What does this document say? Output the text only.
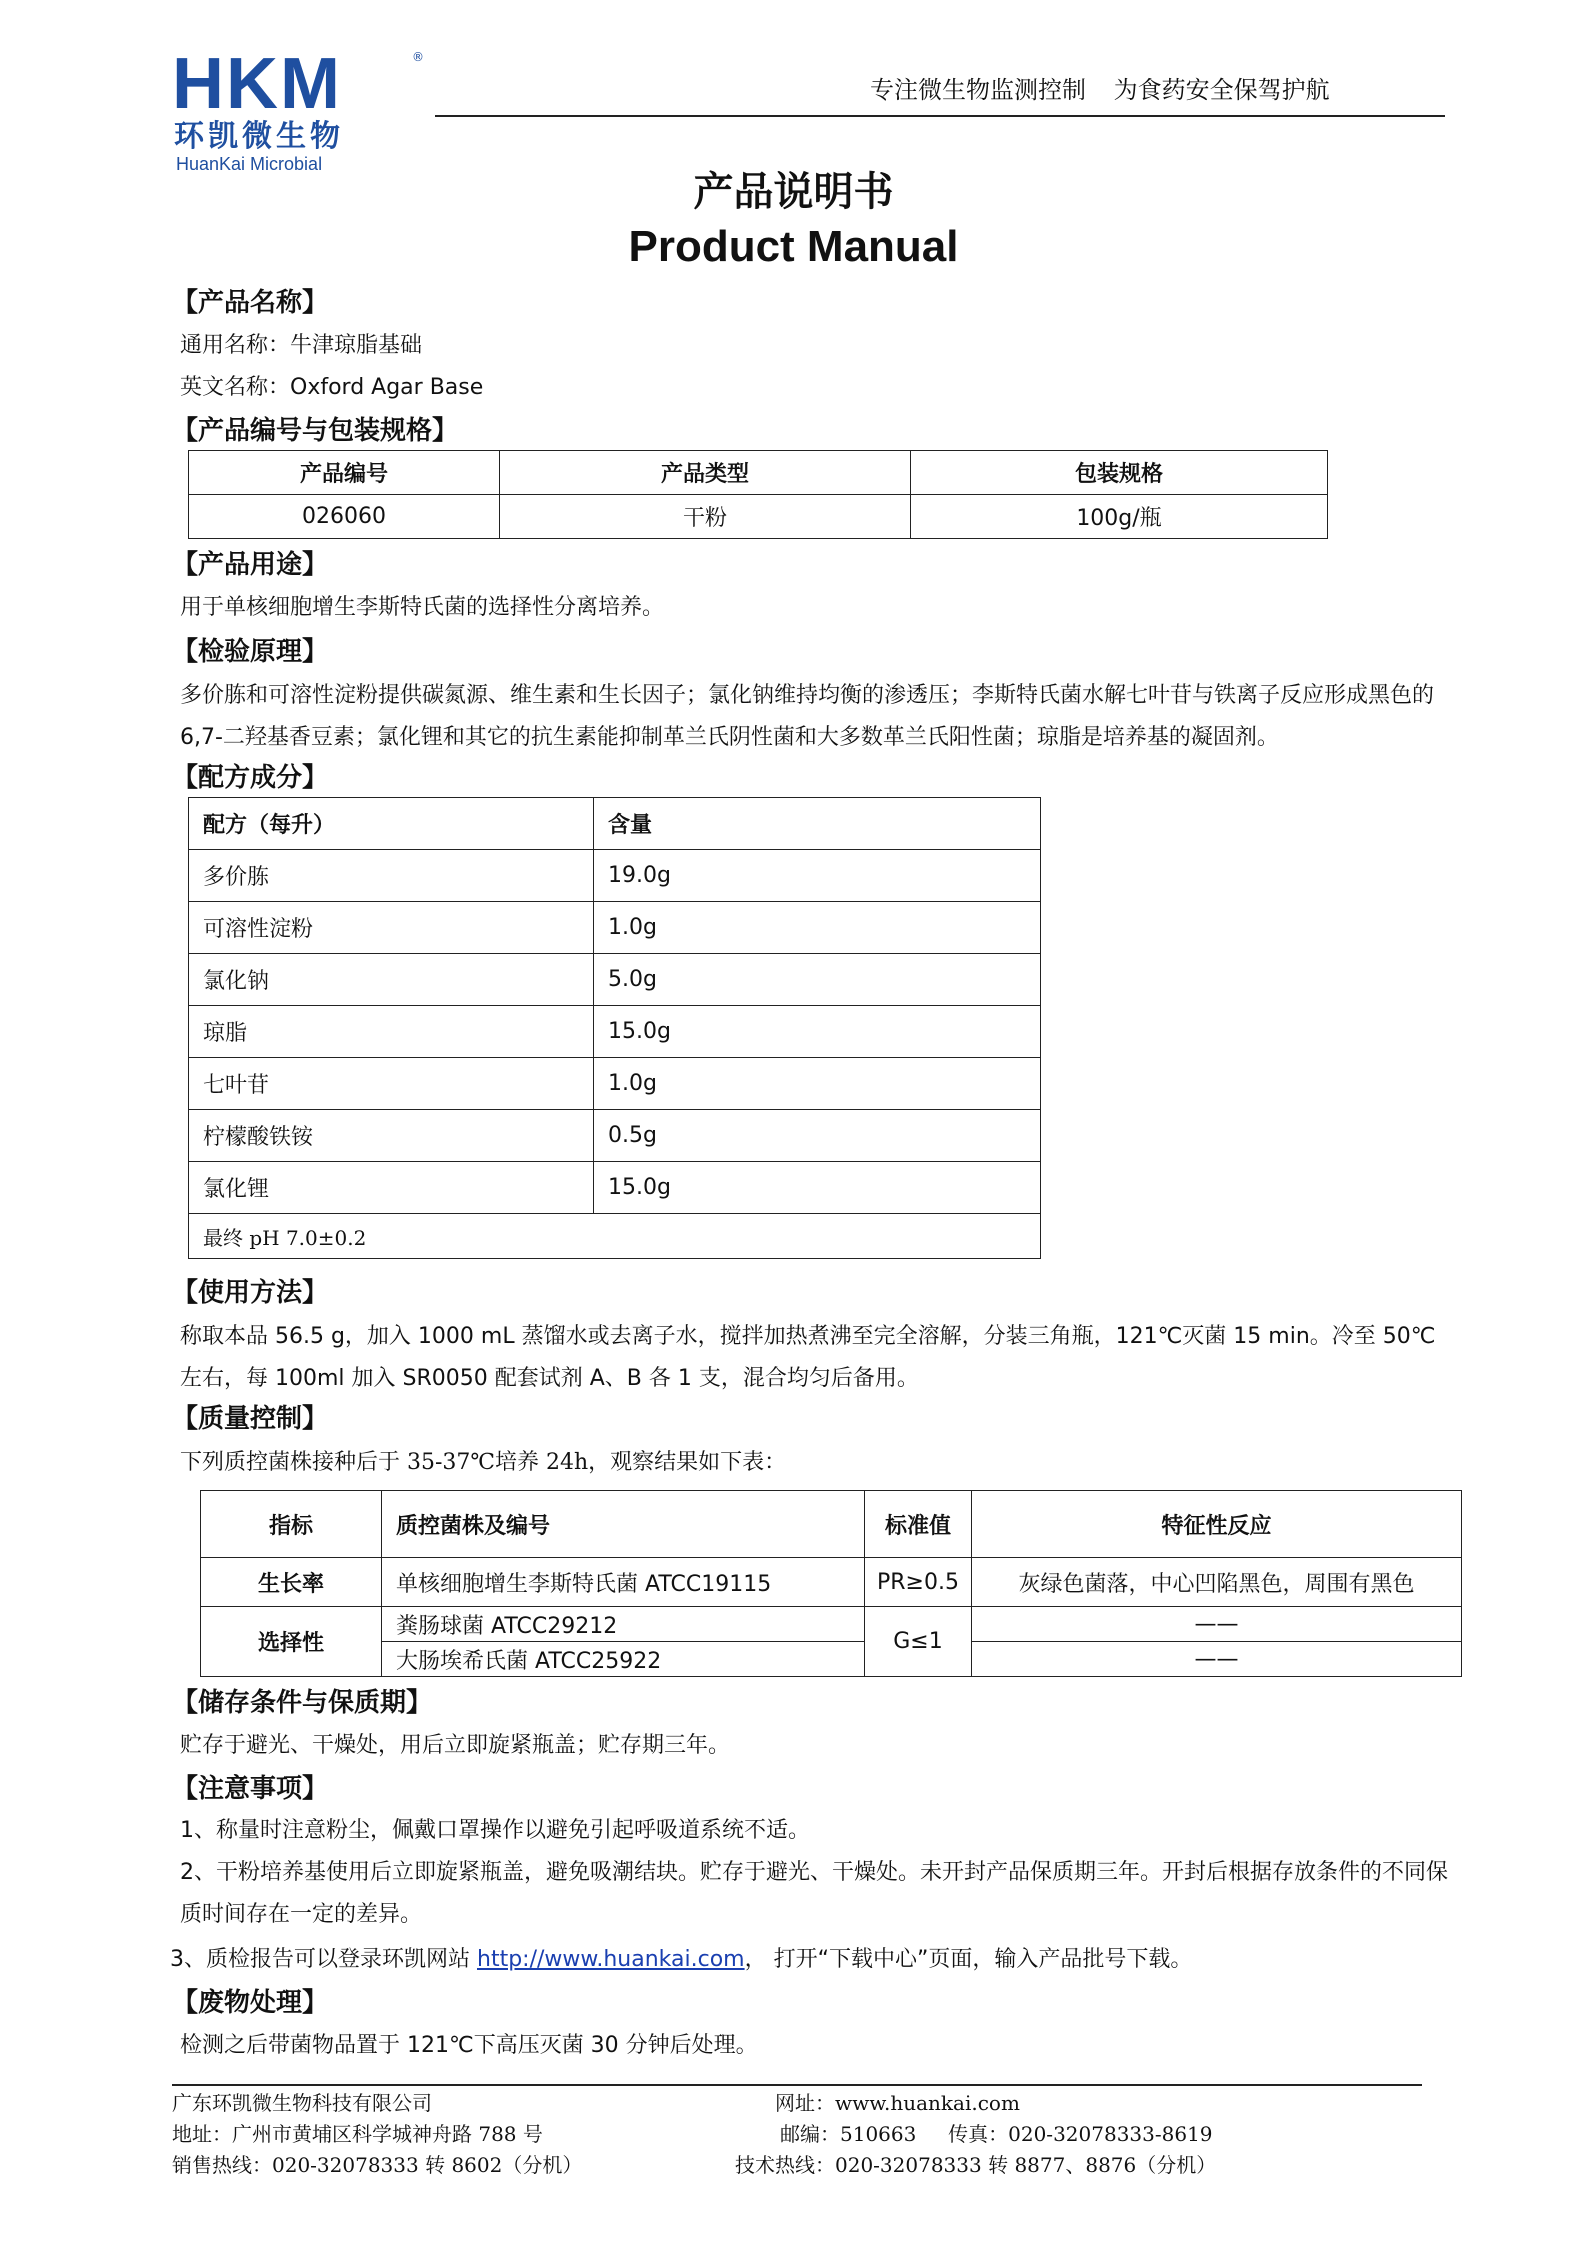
HKM	®
环凯微生物
HuanKai Microbial
专注微生物监测控制 为食药安全保驾护航
产品说明书
Product Manual
【产品名称】
通用名称：牛津琼脂基础
英文名称：Oxford Agar Base
【产品编号与包装规格】
产品编号	产品类型	包装规格
026060	干粉	100g/瓶
【产品用途】
用于单核细胞增生李斯特氏菌的选择性分离培养。
【检验原理】
多价胨和可溶性淀粉提供碳氮源、维生素和生长因子；氯化钠维持均衡的渗透压；李斯特氏菌水解七叶苷与铁离子反应形成黑色的 6,7-二羟基香豆素；氯化锂和其它的抗生素能抑制革兰氏阴性菌和大多数革兰氏阳性菌；琼脂是培养基的凝固剂。
【配方成分】
配方（每升）	含量
多价胨	19.0g
可溶性淀粉	1.0g
氯化钠	5.0g
琼脂	15.0g
七叶苷	1.0g
柠檬酸铁铵	0.5g
氯化锂	15.0g
最终 pH 7.0±0.2	
【使用方法】
称取本品 56.5 g，加入 1000 mL 蒸馏水或去离子水，搅拌加热煮沸至完全溶解，分装三角瓶，121℃灭菌 15 min。冷至 50℃左右，每 100ml 加入 SR0050 配套试剂 A、B 各 1 支，混合均匀后备用。
【质量控制】
下列质控菌株接种后于 35-37℃培养 24h，观察结果如下表：
指标	质控菌株及编号	标准值	特征性反应
生长率	单核细胞增生李斯特氏菌 ATCC19115	PR≥0.5	灰绿色菌落，中心凹陷黑色，周围有黑色
选择性	粪肠球菌 ATCC29212	G≤1	——
	大肠埃希氏菌 ATCC25922		——
【储存条件与保质期】
贮存于避光、干燥处，用后立即旋紧瓶盖；贮存期三年。
【注意事项】
1、称量时注意粉尘，佩戴口罩操作以避免引起呼吸道系统不适。
2、干粉培养基使用后立即旋紧瓶盖，避免吸潮结块。贮存于避光、干燥处。未开封产品保质期三年。开封后根据存放条件的不同保质时间存在一定的差异。
3、质检报告可以登录环凯网站 http://www.huankai.com， 打开“下载中心”页面，输入产品批号下载。
【废物处理】
检测之后带菌物品置于 121℃下高压灭菌 30 分钟后处理。
广东环凯微生物科技有限公司
地址：广州市黄埔区科学城神舟路 788 号
销售热线：020-32078333 转 8602（分机）
网址：www.huankai.com
邮编：510663     传真：020-32078333-8619
技术热线：020-32078333 转 8877、8876（分机）
